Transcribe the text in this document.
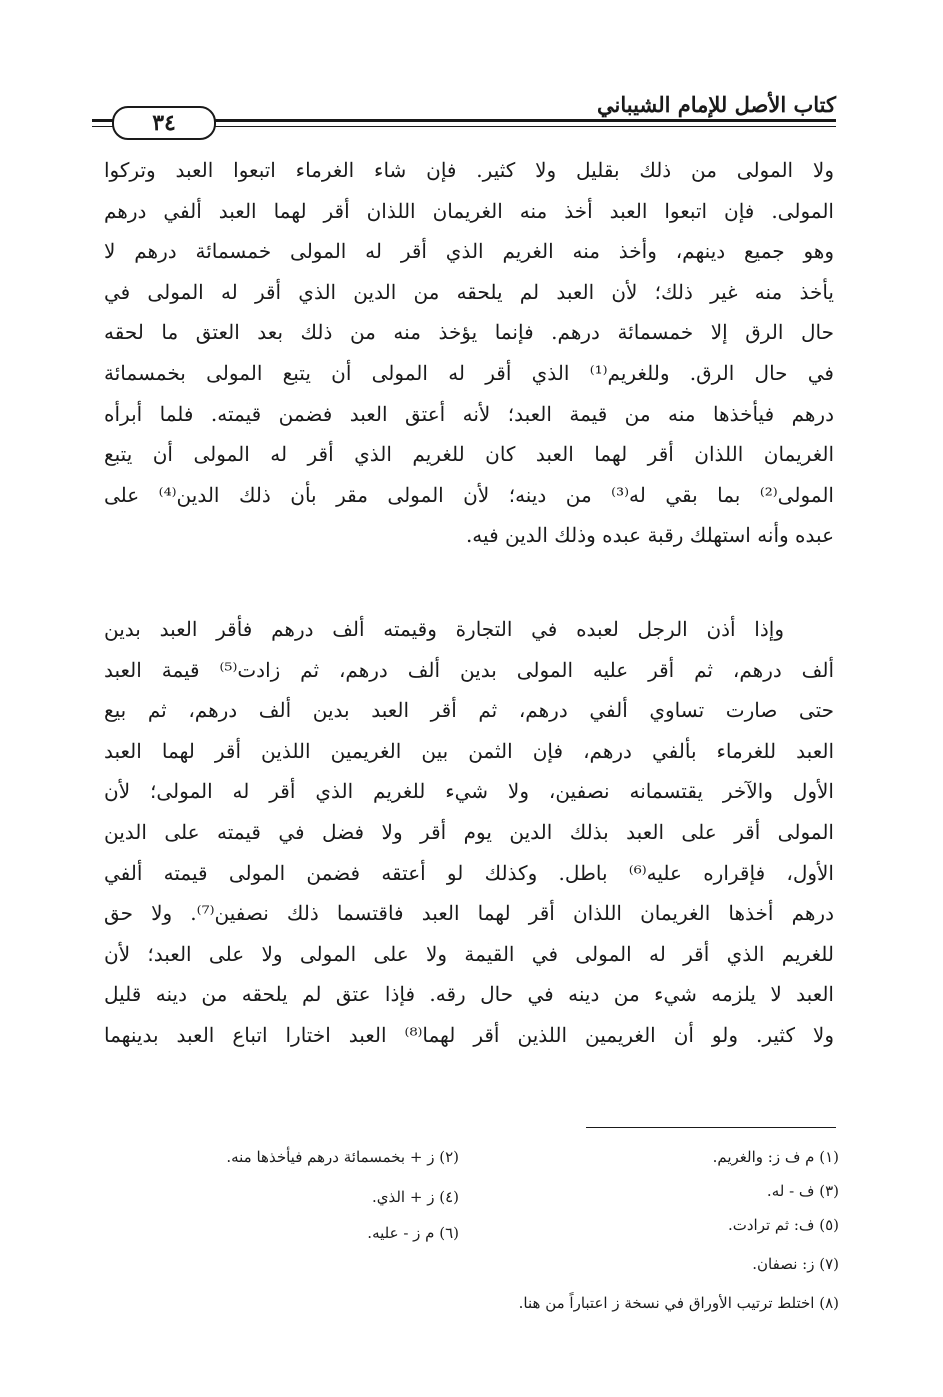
كتاب الأصل للإمام الشيباني
٣٤
ولا المولى من ذلك بقليل ولا كثير. فإن شاء الغرماء اتبعوا العبد وتركوا
المولى. فإن اتبعوا العبد أخذ منه الغريمان اللذان أقر لهما العبد ألفي درهم
وهو جميع دينهم، وأخذ منه الغريم الذي أقر له المولى خمسمائة درهم لا
يأخذ منه غير ذلك؛ لأن العبد لم يلحقه من الدين الذي أقر له المولى في
حال الرق إلا خمسمائة درهم. فإنما يؤخذ منه من ذلك بعد العتق ما لحقه
في حال الرق. وللغريم⁽¹⁾ الذي أقر له المولى أن يتبع المولى بخمسمائة
درهم فيأخذها منه من قيمة العبد؛ لأنه أعتق العبد فضمن قيمته. فلما أبرأه
الغريمان اللذان أقر لهما العبد كان للغريم الذي أقر له المولى أن يتبع
المولى⁽²⁾ بما بقي له⁽³⁾ من دينه؛ لأن المولى مقر بأن ذلك الدين⁽⁴⁾ على
عبده وأنه استهلك رقبة عبده وذلك الدين فيه.
وإذا أذن الرجل لعبده في التجارة وقيمته ألف درهم فأقر العبد بدين
ألف درهم، ثم أقر عليه المولى بدين ألف درهم، ثم زادت⁽⁵⁾ قيمة العبد
حتى صارت تساوي ألفي درهم، ثم أقر العبد بدين ألف درهم، ثم بيع
العبد للغرماء بألفي درهم، فإن الثمن بين الغريمين اللذين أقر لهما العبد
الأول والآخر يقتسمانه نصفين، ولا شيء للغريم الذي أقر له المولى؛ لأن
المولى أقر على العبد بذلك الدين يوم أقر ولا فضل في قيمته على الدين
الأول، فإقراره عليه⁽⁶⁾ باطل. وكذلك لو أعتقه فضمن المولى قيمته ألفي
درهم أخذها الغريمان اللذان أقر لهما العبد فاقتسما ذلك نصفين⁽⁷⁾. ولا حق
للغريم الذي أقر له المولى في القيمة ولا على المولى ولا على العبد؛ لأن
العبد لا يلزمه شيء من دينه في حال رقه. فإذا عتق لم يلحقه من دينه قليل
ولا كثير. ولو أن الغريمين اللذين أقر لهما⁽⁸⁾ العبد اختارا اتباع العبد بدينهما
(١) م ف ز: والغريم.
(٢) ز + بخمسمائة درهم فيأخذها منه.
(٣) ف - له.
(٤) ز + الذي.
(٥) ف: ثم ترادت.
(٦) م ز - عليه.
(٧) ز: نصفان.
(٨) اختلط ترتيب الأوراق في نسخة ز اعتباراً من هنا.
